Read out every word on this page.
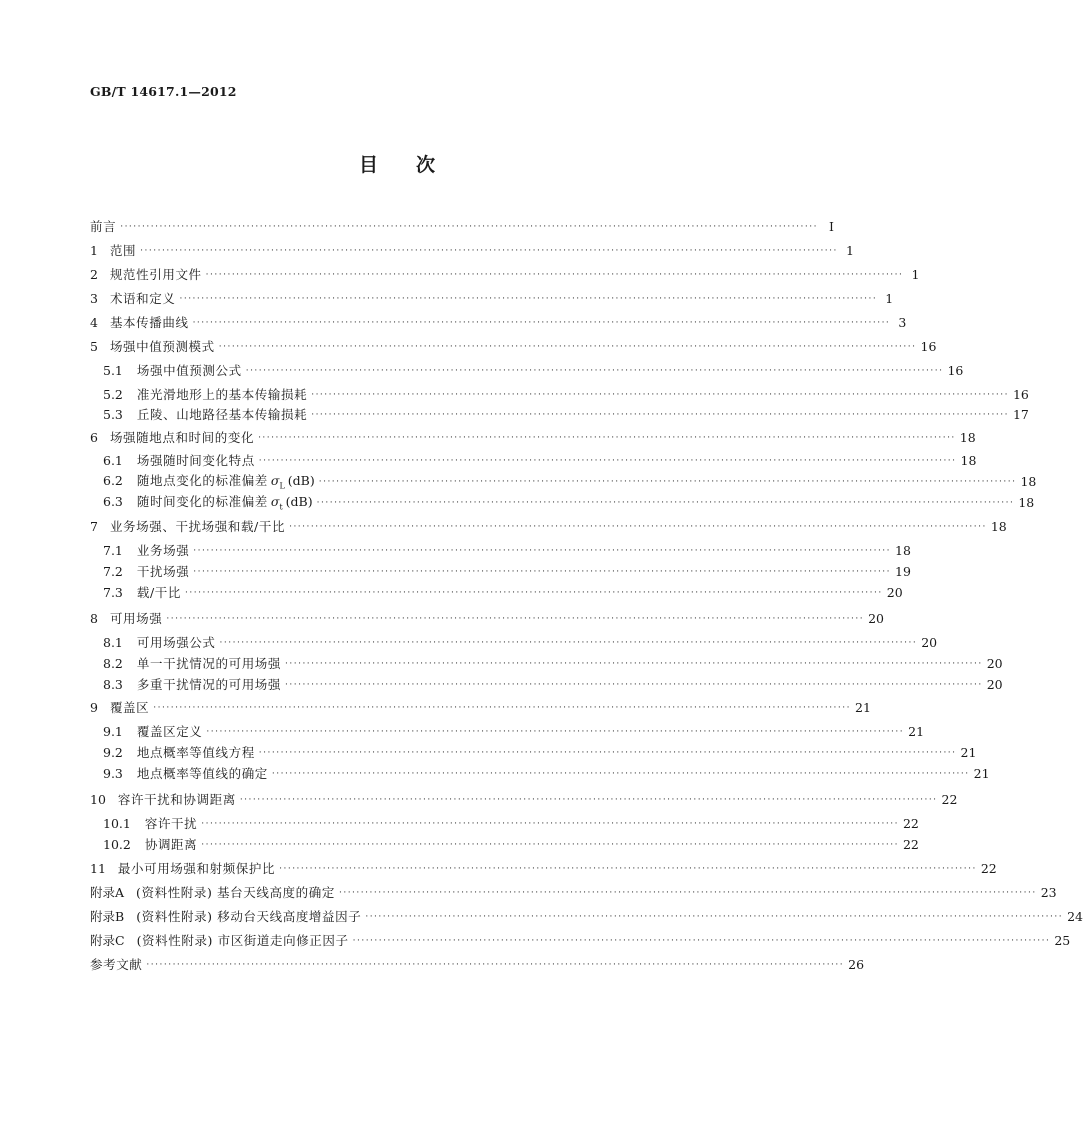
GB/T 14617.1—2012
目 次
前言 ································································································································································ Ⅰ
1 范围 ································································································································································ 1
2 规范性引用文件 ································································································································································ 1
3 术语和定义 ································································································································································ 1
4 基本传播曲线 ································································································································································ 3
5 场强中值预测模式 ································································································································································ 16
5.1 场强中值预测公式 ································································································································································ 16
5.2 准光滑地形上的基本传输损耗 ································································································································································ 16
5.3 丘陵、山地路径基本传输损耗 ································································································································································ 17
6 场强随地点和时间的变化 ································································································································································ 18
6.1 场强随时间变化特点 ································································································································································ 18
6.2 随地点变化的标准偏差 $\sigma_L$ (dB) ································································································································································ 18
6.3 随时间变化的标准偏差 $\sigma_t$ (dB) ································································································································································ 18
7 业务场强、干扰场强和载/干比 ································································································································································ 18
7.1 业务场强 ································································································································································ 18
7.2 干扰场强 ································································································································································ 19
7.3 载/干比 ································································································································································ 20
8 可用场强 ································································································································································ 20
8.1 可用场强公式 ································································································································································ 20
8.2 单一干扰情况的可用场强 ································································································································································ 20
8.3 多重干扰情况的可用场强 ································································································································································ 20
9 覆盖区 ································································································································································ 21
9.1 覆盖区定义 ································································································································································ 21
9.2 地点概率等值线方程 ································································································································································ 21
9.3 地点概率等值线的确定 ································································································································································ 21
10 容许干扰和协调距离 ································································································································································ 22
10.1 容许干扰 ································································································································································ 22
10.2 协调距离 ································································································································································ 22
11 最小可用场强和射频保护比 ································································································································································ 22
附录A (资料性附录) 基台天线高度的确定 ································································································································································ 23
附录B (资料性附录) 移动台天线高度增益因子 ································································································································································ 24
附录C (资料性附录) 市区街道走向修正因子 ································································································································································ 25
参考文献 ································································································································································ 26
